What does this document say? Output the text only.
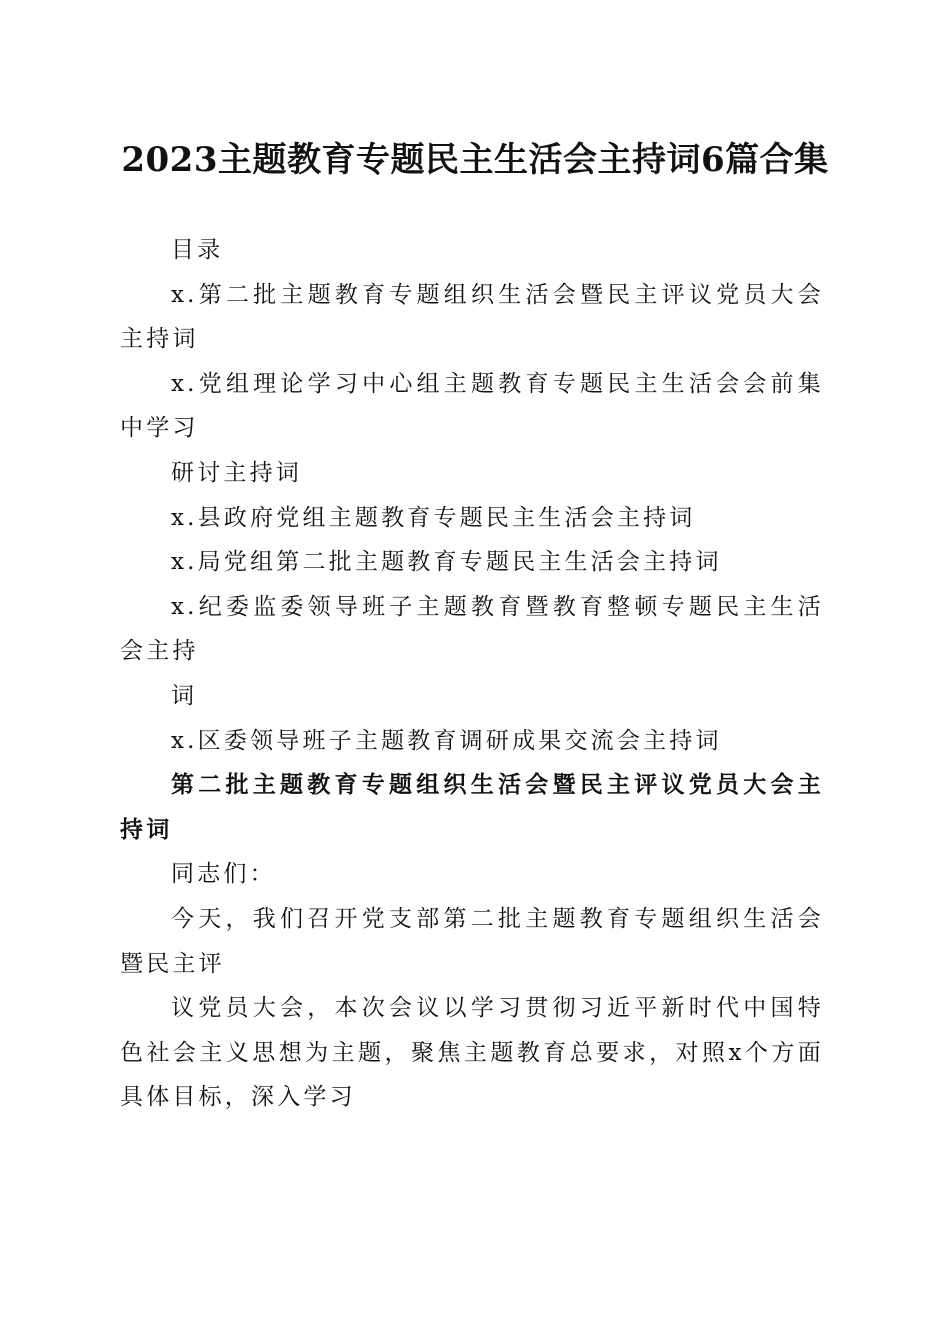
2023主题教育专题民主生活会主持词6篇合集

目录

x.第二批主题教育专题组织生活会暨民主评议党员大会主持词

x.党组理论学习中心组主题教育专题民主生活会会前集中学习

研讨主持词

x.县政府党组主题教育专题民主生活会主持词

x.局党组第二批主题教育专题民主生活会主持词

x.纪委监委领导班子主题教育暨教育整顿专题民主生活会主持

词

x.区委领导班子主题教育调研成果交流会主持词

第二批主题教育专题组织生活会暨民主评议党员大会主持词

同志们：

今天，我们召开党支部第二批主题教育专题组织生活会暨民主评

议党员大会，本次会议以学习贯彻习近平新时代中国特色社会主义思想为主题，聚焦主题教育总要求，对照x个方面具体目标，深入学习
